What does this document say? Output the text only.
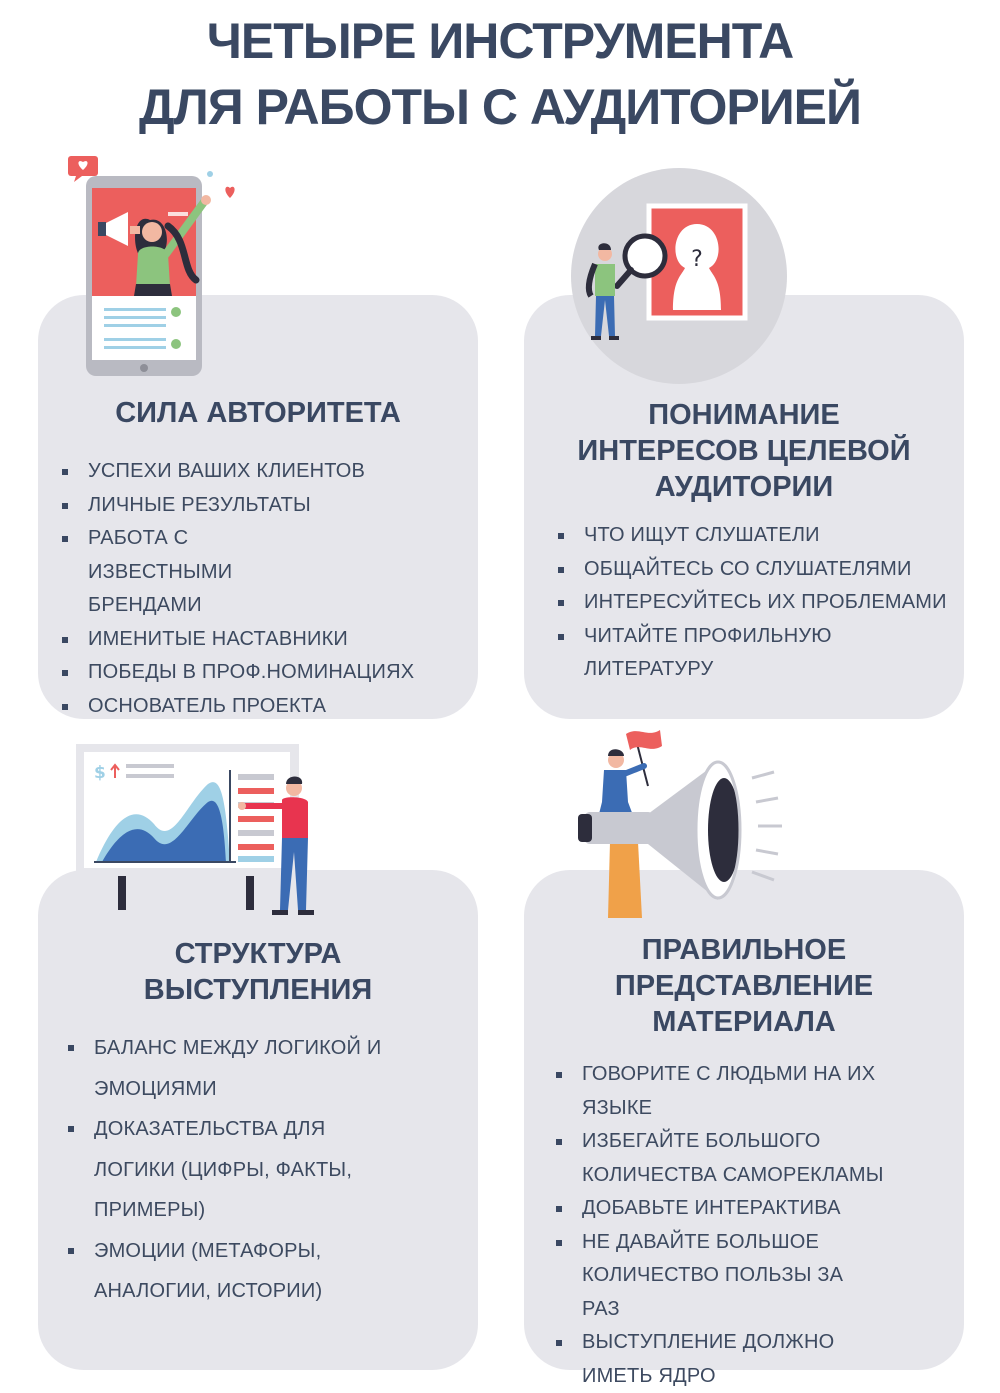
ЧЕТЫРЕ ИНСТРУМЕНТА
ДЛЯ РАБОТЫ С АУДИТОРИЕЙ
СИЛА АВТОРИТЕТА
УСПЕХИ ВАШИХ КЛИЕНТОВ
ЛИЧНЫЕ РЕЗУЛЬТАТЫ
РАБОТА С ИЗВЕСТНЫМИ БРЕНДАМИ
ИМЕНИТЫЕ НАСТАВНИКИ
ПОБЕДЫ В ПРОФ.НОМИНАЦИЯХ
ОСНОВАТЕЛЬ ПРОЕКТА
ПОНИМАНИЕ
ИНТЕРЕСОВ ЦЕЛЕВОЙ
АУДИТОРИИ
ЧТО ИЩУТ СЛУШАТЕЛИ
ОБЩАЙТЕСЬ СО СЛУШАТЕЛЯМИ
ИНТЕРЕСУЙТЕСЬ ИХ ПРОБЛЕМАМИ
ЧИТАЙТЕ ПРОФИЛЬНУЮ ЛИТЕРАТУРУ
СТРУКТУРА
ВЫСТУПЛЕНИЯ
БАЛАНС МЕЖДУ ЛОГИКОЙ И ЭМОЦИЯМИ
ДОКАЗАТЕЛЬСТВА ДЛЯ ЛОГИКИ (ЦИФРЫ, ФАКТЫ, ПРИМЕРЫ)
ЭМОЦИИ (МЕТАФОРЫ, АНАЛОГИИ, ИСТОРИИ)
ПРАВИЛЬНОЕ
ПРЕДСТАВЛЕНИЕ
МАТЕРИАЛА
ГОВОРИТЕ С ЛЮДЬМИ НА ИХ ЯЗЫКЕ
ИЗБЕГАЙТЕ БОЛЬШОГО КОЛИЧЕСТВА САМОРЕКЛАМЫ
ДОБАВЬТЕ ИНТЕРАКТИВА
НЕ ДАВАЙТЕ БОЛЬШОЕ КОЛИЧЕСТВО ПОЛЬЗЫ ЗА РАЗ
ВЫСТУПЛЕНИЕ ДОЛЖНО ИМЕТЬ ЯДРО
?
$
